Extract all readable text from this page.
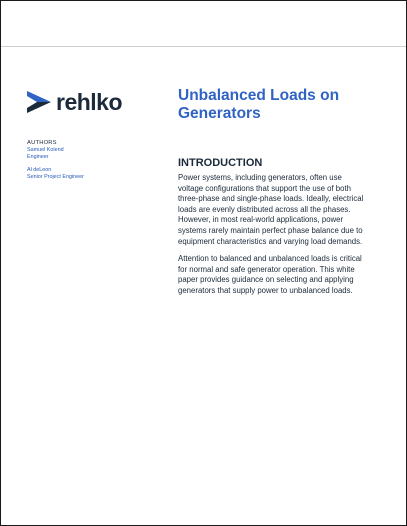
rehlko
AUTHORS
Samuel Kolend
Engineer
Al deLeon
Senior Project Engineer
Unbalanced Loads on
Generators
INTRODUCTION

Power systems, including generators, often use
voltage configurations that support the use of both
three-phase and single-phase loads. Ideally, electrical
loads are evenly distributed across all the phases.
However, in most real-world applications, power
systems rarely maintain perfect phase balance due to
equipment characteristics and varying load demands.

Attention to balanced and unbalanced loads is critical
for normal and safe generator operation. This white
paper provides guidance on selecting and applying
generators that supply power to unbalanced loads.
